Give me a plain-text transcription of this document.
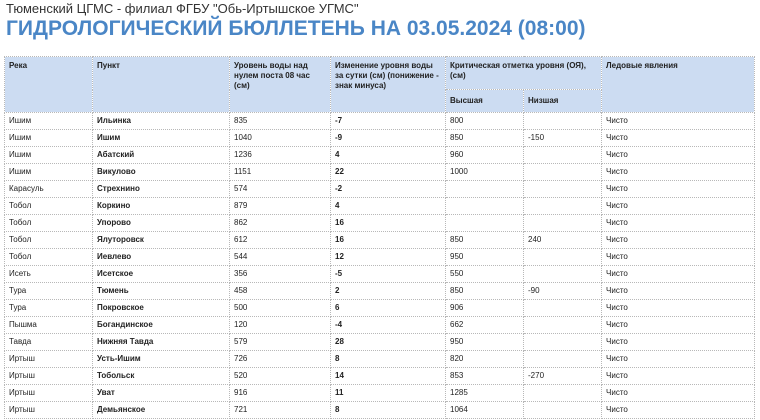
Тюменский ЦГМС - филиал ФГБУ "Обь-Иртышское УГМС"
ГИДРОЛОГИЧЕСКИЙ БЮЛЛЕТЕНЬ НА 03.05.2024 (08:00)
Река	Пункт	Уровень воды над нулем поста 08 час (см)	Изменение уровня воды за сутки (см) (понижение - знак минуса)	Критическая отметка уровня (ОЯ), (см)		Ледовые явления
				Высшая	Низшая	
Ишим	Ильинка	835	-7	800		Чисто
Ишим	Ишим	1040	-9	850	-150	Чисто
Ишим	Абатский	1236	4	960		Чисто
Ишим	Викулово	1151	22	1000		Чисто
Карасуль	Стрехнино	574	-2			Чисто
Тобол	Коркино	879	4			Чисто
Тобол	Упорово	862	16			Чисто
Тобол	Ялуторовск	612	16	850	240	Чисто
Тобол	Иевлево	544	12	950		Чисто
Исеть	Исетское	356	-5	550		Чисто
Тура	Тюмень	458	2	850	-90	Чисто
Тура	Покровское	500	6	906		Чисто
Пышма	Богандинское	120	-4	662		Чисто
Тавда	Нижняя Тавда	579	28	950		Чисто
Иртыш	Усть-Ишим	726	8	820		Чисто
Иртыш	Тобольск	520	14	853	-270	Чисто
Иртыш	Уват	916	11	1285		Чисто
Иртыш	Демьянское	721	8	1064		Чисто
